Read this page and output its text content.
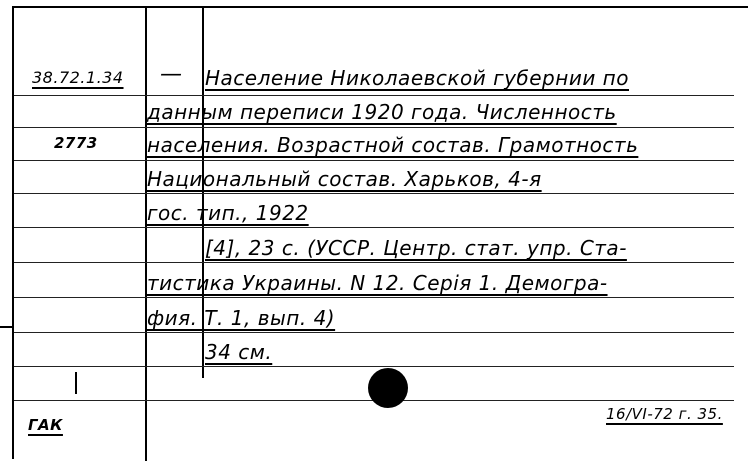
38.72.1.34
2773
— Население Николаевской губернии по
данным переписи 1920 года. Численность
населения. Возрастной состав. Грамотность
Национальный состав. Харьков, 4-я
гос. тип., 1922
[4], 23 с. (УССР. Центр. стат. упр. Ста-
тистика Украины. N 12. Серія 1. Демогра-
фия. Т. 1, вып. 4)
34 см.
ГАК
16/VI-72 г. 35.
